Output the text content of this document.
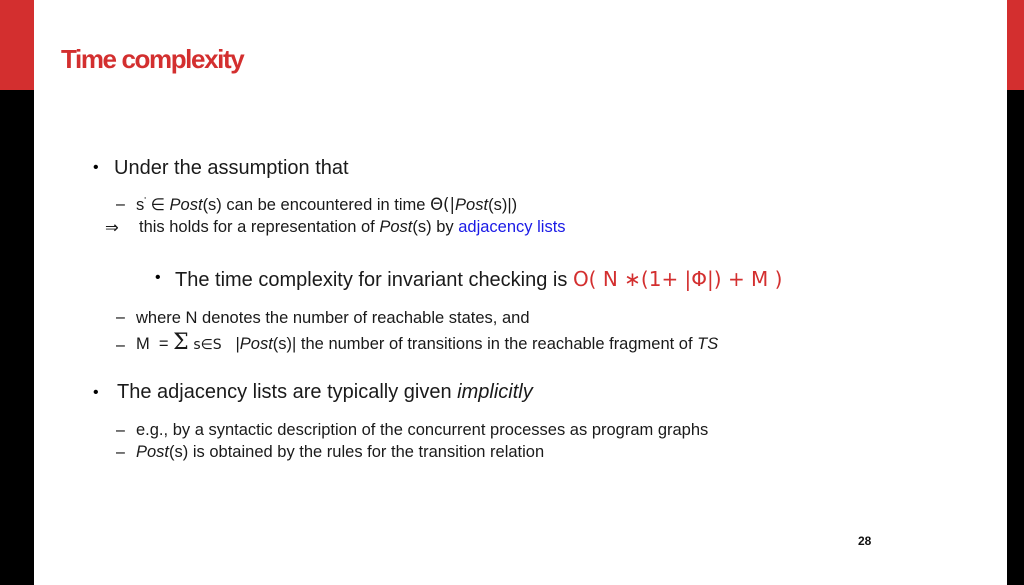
Time complexity
• Under the assumption that
– s' ∈ Post(s) can be encountered in time Θ(|Post(s)|)
⇒ this holds for a representation of Post(s) by adjacency lists
• The time complexity for invariant checking is O( N ∗(1+ |Φ|) + M )
– where N denotes the number of reachable states, and
– M = Σ s∈S |Post(s)| the number of transitions in the reachable fragment of TS
• The adjacency lists are typically given implicitly
– e.g., by a syntactic description of the concurrent processes as program graphs
– Post(s) is obtained by the rules for the transition relation
28
